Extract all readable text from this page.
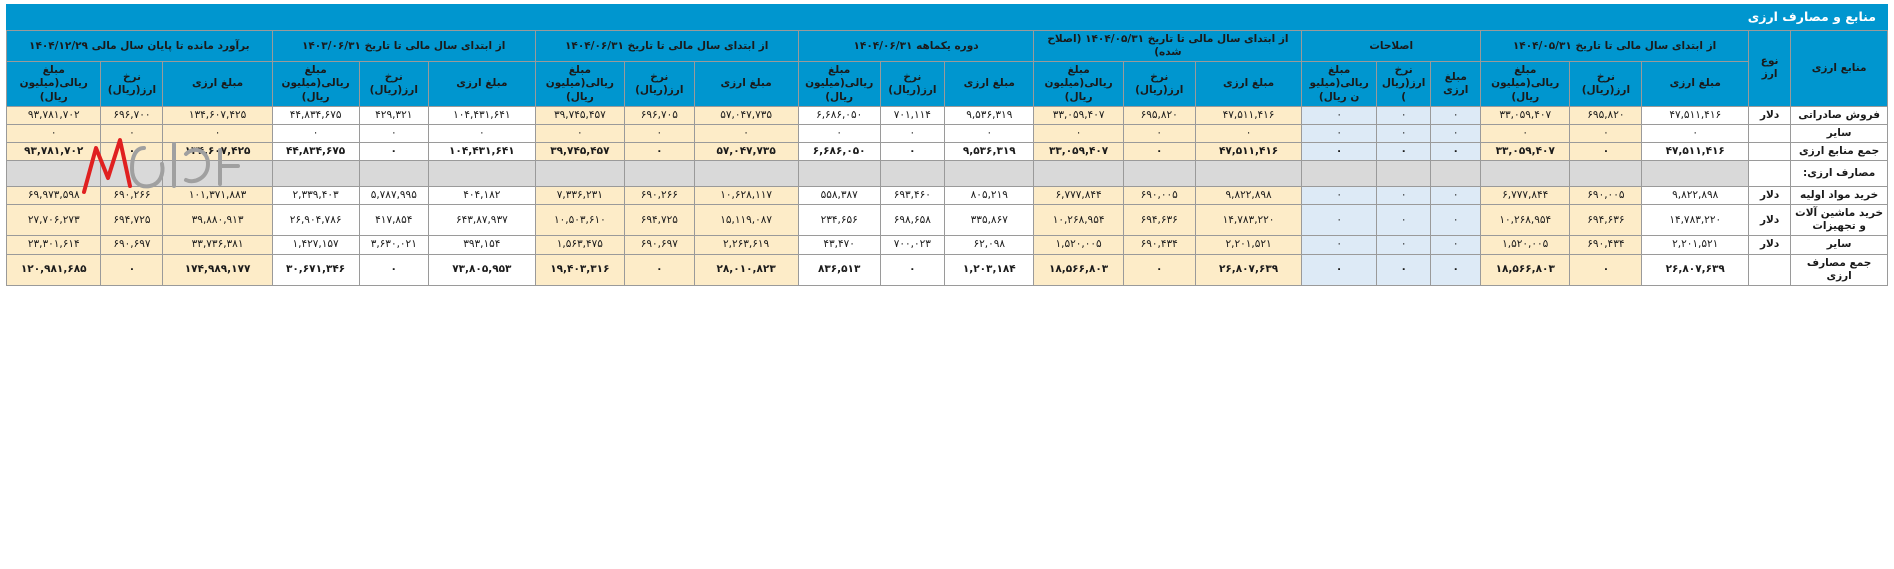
منابع و مصارف ارزی
منابع ارزی	نوع ارز	از ابتدای سال مالی تا تاریخ ۱۴۰۴/۰۵/۳۱			اصلاحات			از ابتدای سال مالی تا تاریخ ۱۴۰۴/۰۵/۳۱ (اصلاح شده)			دوره یکماهه ۱۴۰۴/۰۶/۳۱			از ابتدای سال مالی تا تاریخ ۱۴۰۴/۰۶/۳۱			از ابتدای سال مالی تا تاریخ ۱۴۰۳/۰۶/۳۱			برآورد مانده تا پایان سال مالی ۱۴۰۴/۱۲/۲۹		
		مبلغ ارزی	نرخ ارز(ریال)	مبلغ ریالی(میلیون ریال)	مبلغ ارزی	نرخ ارز(ریال)	مبلغ ریالی(میلیون ریال)	مبلغ ارزی	نرخ ارز(ریال)	مبلغ ریالی(میلیون ریال)	مبلغ ارزی	نرخ ارز(ریال)	مبلغ ریالی(میلیون ریال)	مبلغ ارزی	نرخ ارز(ریال)	مبلغ ریالی(میلیون ریال)	مبلغ ارزی	نرخ ارز(ریال)	مبلغ ریالی(میلیون ریال)	مبلغ ارزی	نرخ ارز(ریال)	مبلغ ریالی(میلیون ریال)
فروش صادراتی	دلار	۴۷,۵۱۱,۴۱۶	۶۹۵,۸۲۰	۳۳,۰۵۹,۴۰۷	۰	۰	۰	۴۷,۵۱۱,۴۱۶	۶۹۵,۸۲۰	۳۳,۰۵۹,۴۰۷	۹,۵۳۶,۳۱۹	۷۰۱,۱۱۴	۶,۶۸۶,۰۵۰	۵۷,۰۴۷,۷۳۵	۶۹۶,۷۰۵	۳۹,۷۴۵,۴۵۷	۱۰۴,۴۳۱,۶۴۱	۴۲۹,۳۲۱	۴۴,۸۳۴,۶۷۵	۱۳۴,۶۰۷,۴۲۵	۶۹۶,۷۰۰	۹۳,۷۸۱,۷۰۲
سایر		۰	۰	۰	۰	۰	۰	۰	۰	۰	۰	۰	۰	۰	۰	۰	۰	۰	۰	۰	۰	۰
جمع منابع ارزی		۴۷,۵۱۱,۴۱۶	۰	۳۳,۰۵۹,۴۰۷	۰	۰	۰	۴۷,۵۱۱,۴۱۶	۰	۳۳,۰۵۹,۴۰۷	۹,۵۳۶,۳۱۹	۰	۶,۶۸۶,۰۵۰	۵۷,۰۴۷,۷۳۵	۰	۳۹,۷۴۵,۴۵۷	۱۰۴,۴۳۱,۶۴۱	۰	۴۴,۸۳۴,۶۷۵	۱۳۴,۶۰۷,۴۲۵	۰	۹۳,۷۸۱,۷۰۲
مصارف ارزی:																						
خرید مواد اولیه	دلار	۹,۸۲۲,۸۹۸	۶۹۰,۰۰۵	۶,۷۷۷,۸۴۴	۰	۰	۰	۹,۸۲۲,۸۹۸	۶۹۰,۰۰۵	۶,۷۷۷,۸۴۴	۸۰۵,۲۱۹	۶۹۳,۴۶۰	۵۵۸,۳۸۷	۱۰,۶۲۸,۱۱۷	۶۹۰,۲۶۶	۷,۳۳۶,۲۳۱	۴۰۴,۱۸۲	۵,۷۸۷,۹۹۵	۲,۳۳۹,۴۰۳	۱۰۱,۳۷۱,۸۸۳	۶۹۰,۲۶۶	۶۹,۹۷۳,۵۹۸
خرید ماشین آلات و تجهیزات	دلار	۱۴,۷۸۳,۲۲۰	۶۹۴,۶۳۶	۱۰,۲۶۸,۹۵۴	۰	۰	۰	۱۴,۷۸۳,۲۲۰	۶۹۴,۶۳۶	۱۰,۲۶۸,۹۵۴	۳۳۵,۸۶۷	۶۹۸,۶۵۸	۲۳۴,۶۵۶	۱۵,۱۱۹,۰۸۷	۶۹۴,۷۲۵	۱۰,۵۰۳,۶۱۰	۶۴۳,۸۷,۹۳۷	۴۱۷,۸۵۴	۲۶,۹۰۴,۷۸۶	۳۹,۸۸۰,۹۱۳	۶۹۴,۷۲۵	۲۷,۷۰۶,۲۷۳
سایر	دلار	۲,۲۰۱,۵۲۱	۶۹۰,۴۳۴	۱,۵۲۰,۰۰۵	۰	۰	۰	۲,۲۰۱,۵۲۱	۶۹۰,۴۳۴	۱,۵۲۰,۰۰۵	۶۲,۰۹۸	۷۰۰,۰۲۳	۴۳,۴۷۰	۲,۲۶۳,۶۱۹	۶۹۰,۶۹۷	۱,۵۶۳,۴۷۵	۳۹۳,۱۵۴	۳,۶۳۰,۰۲۱	۱,۴۲۷,۱۵۷	۳۳,۷۳۶,۳۸۱	۶۹۰,۶۹۷	۲۳,۳۰۱,۶۱۴
جمع مصارف ارزی		۲۶,۸۰۷,۶۳۹	۰	۱۸,۵۶۶,۸۰۳	۰	۰	۰	۲۶,۸۰۷,۶۳۹	۰	۱۸,۵۶۶,۸۰۳	۱,۲۰۳,۱۸۴	۰	۸۳۶,۵۱۳	۲۸,۰۱۰,۸۲۳	۰	۱۹,۴۰۳,۳۱۶	۷۳,۸۰۵,۹۵۳	۰	۳۰,۶۷۱,۳۴۶	۱۷۴,۹۸۹,۱۷۷	۰	۱۲۰,۹۸۱,۶۸۵
